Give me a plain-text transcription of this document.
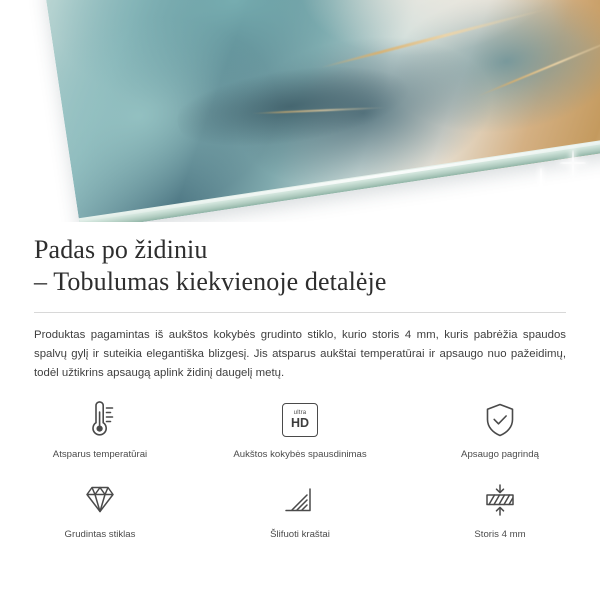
Padas po židiniu
– Tobulumas kiekvienoje detalėje

Produktas pagamintas iš aukštos kokybės grudinto stiklo, kurio storis 4 mm, kuris pabrėžia spaudos spalvų gylį ir suteikia elegantiška blizgesį. Jis atsparus aukštai temperatūrai ir apsaugo nuo pažeidimų, todėl užtikrins apsaugą aplink židinį daugelį metų.

Atsparus temperatūrai
ultra
HD
Aukštos kokybės spausdinimas	Apsaugo pagrindą
Grudintas stiklas	Šlifuoti kraštai	Storis 4 mm
